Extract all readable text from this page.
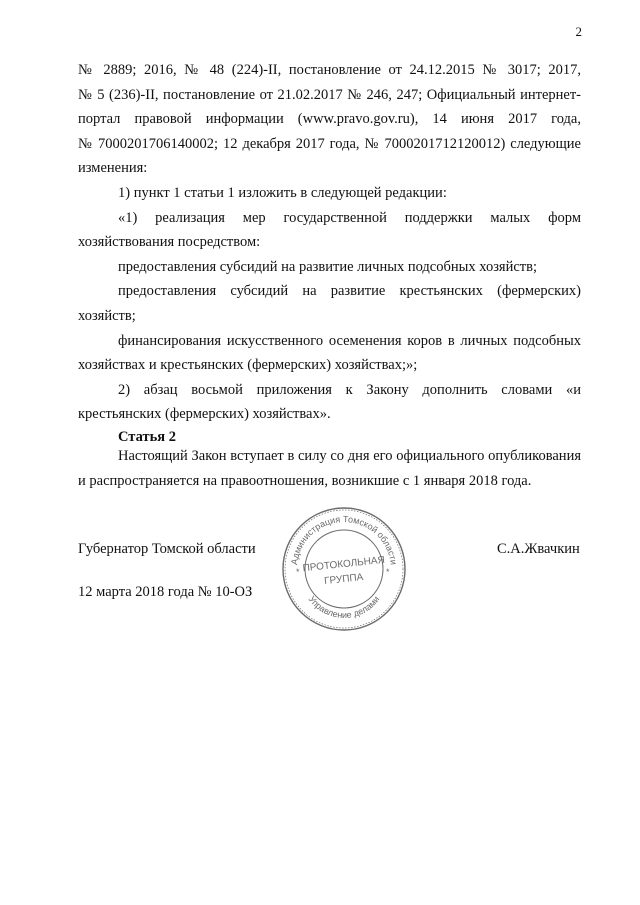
2

№ 2889; 2016, № 48 (224)-II, постановление от 24.12.2015 № 3017; 2017,

№ 5 (236)-II, постановление от 21.02.2017 № 246, 247; Официальный интернет-

портал правовой информации (www.pravo.gov.ru), 14 июня 2017 года,

№ 7000201706140002; 12 декабря 2017 года, № 7000201712120012) следующие

изменения:

1) пункт 1 статьи 1 изложить в следующей редакции:

«1) реализация мер государственной поддержки малых форм хозяйствования посредством:

предоставления субсидий на развитие личных подсобных хозяйств;

предоставления субсидий на развитие крестьянских (фермерских) хозяйств;

финансирования искусственного осеменения коров в личных подсобных хозяйствах и крестьянских (фермерских) хозяйствах;»;

2) абзац восьмой приложения к Закону дополнить словами «и крестьянских (фермерских) хозяйствах».

Статья 2

Настоящий Закон вступает в силу со дня его официального опубликования и распространяется на правоотношения, возникшие с 1 января 2018 года.

Губернатор Томской области	С.А.Жвачкин
12 марта 2018 года № 10-ОЗ
Администрация Томской области
Управление делами
*	*
ПРОТОКОЛЬНАЯ
ГРУППА
